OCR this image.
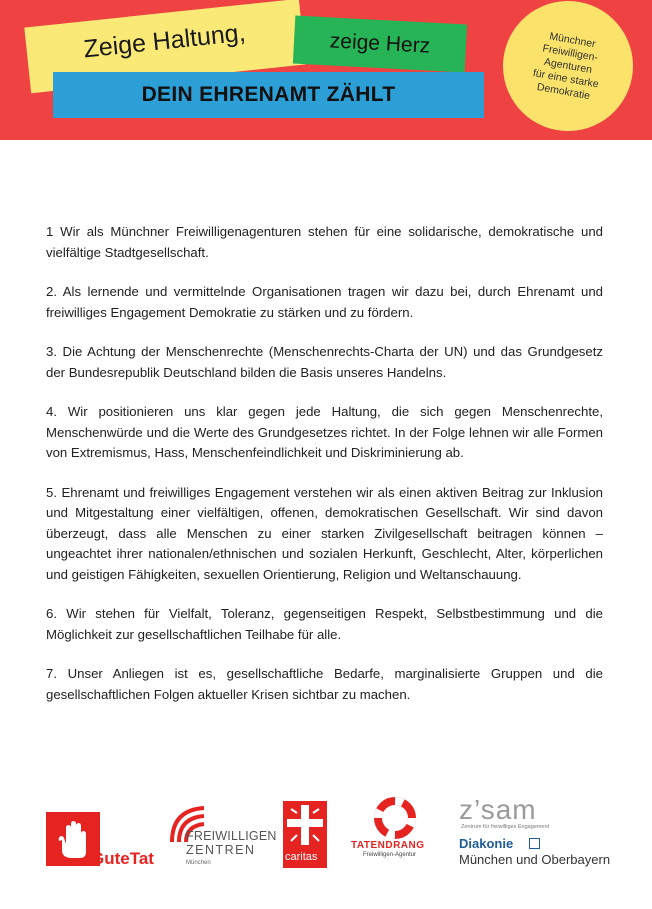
Zeige Haltung,	zeige Herz
DEIN EHRENAMT ZÄHLT
Münchner
Freiwilligen-
Agenturen
für eine starke
Demokratie

1 Wir als Münchner Freiwilligenagenturen stehen für eine solidarische, demokratische und vielfältige Stadtgesellschaft.

2. Als lernende und vermittelnde Organisationen tragen wir dazu bei, durch Ehrenamt und freiwilliges Engagement Demokratie zu stärken und zu fördern.

3. Die Achtung der Menschenrechte (Menschenrechts-Charta der UN) und das Grundgesetz der Bundesrepublik Deutschland bilden die Basis unseres Handelns.

4. Wir positionieren uns klar gegen jede Haltung, die sich gegen Menschenrechte, Menschenwürde und die Werte des Grundgesetzes richtet. In der Folge lehnen wir alle Formen von Extremismus, Hass, Menschenfeindlichkeit und Diskriminierung ab.

5. Ehrenamt und freiwilliges Engagement verstehen wir als einen aktiven Beitrag zur Inklusion und Mitgestaltung einer vielfältigen, offenen, demokratischen Gesellschaft. Wir sind davon überzeugt, dass alle Menschen zu einer starken Zivilgesellschaft beitragen können – ungeachtet ihrer nationalen/ethnischen und sozialen Herkunft, Geschlecht, Alter, körperlichen und geistigen Fähigkeiten, sexuellen Orientierung, Religion und Weltanschauung.

6. Wir stehen für Vielfalt, Toleranz, gegenseitigen Respekt, Selbstbestimmung und die Möglichkeit zur gesellschaftlichen Teilhabe für alle.

7. Unser Anliegen ist es, gesellschaftliche Bedarfe, marginalisierte Gruppen und die gesellschaftlichen Folgen aktueller Krisen sichtbar zu machen.

GuteTat
FREIWILLIGEN
ZENTREN
München	caritas
TATENDRANG
Freiwilligen-Agentur
z’sam
Zentrum für freiwilliges Engagement
Diakonie
München und Oberbayern
